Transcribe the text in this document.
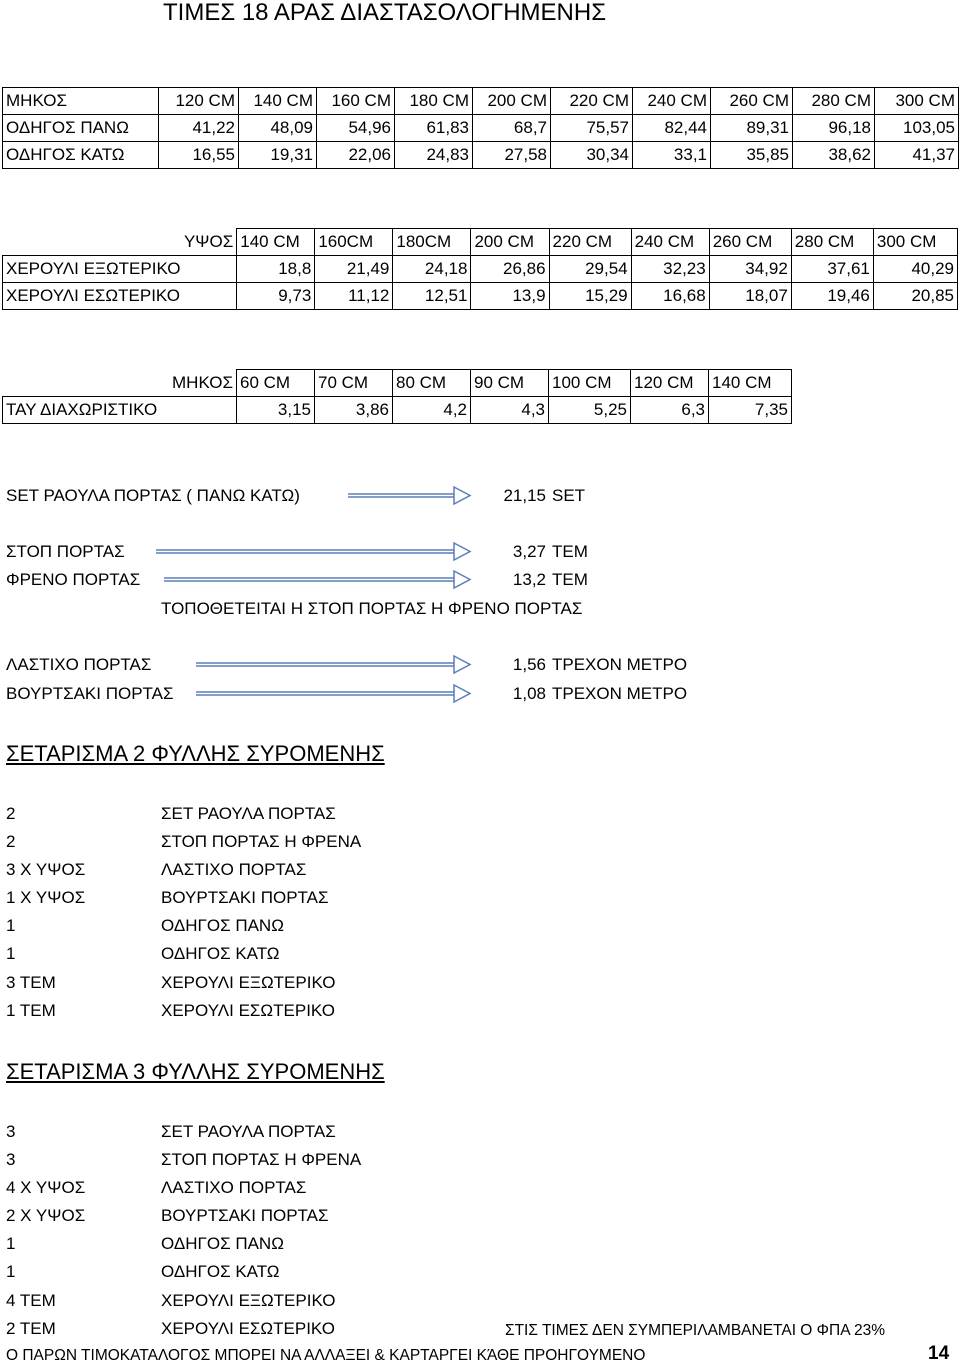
ΤΙΜΕΣ 18 ΑΡΑΣ ΔΙΑΣΤΑΣΟΛΟΓΗΜΕΝΗΣ
ΜΗΚΟΣ	120 CM	140 CM	160 CM	180 CM	200 CM	220 CM	240 CM	260 CM	280 CM	300 CM
ΟΔΗΓΟΣ ΠΑΝΩ	41,22	48,09	54,96	61,83	68,7	75,57	82,44	89,31	96,18	103,05
ΟΔΗΓΟΣ ΚΑΤΩ	16,55	19,31	22,06	24,83	27,58	30,34	33,1	35,85	38,62	41,37
ΥΨΟΣ	140 CM	160CM	180CM	200 CM	220 CM	240 CM	260 CM	280 CM	300 CM
ΧΕΡΟΥΛΙ ΕΞΩΤΕΡΙΚΟ	18,8	21,49	24,18	26,86	29,54	32,23	34,92	37,61	40,29
ΧΕΡΟΥΛΙ ΕΣΩΤΕΡΙΚΟ	9,73	11,12	12,51	13,9	15,29	16,68	18,07	19,46	20,85
ΜΗΚΟΣ	60 CM	70 CM	80 CM	90 CM	100 CM	120 CM	140 CM
ΤΑΥ ΔΙΑΧΩΡΙΣΤΙΚΟ	3,15	3,86	4,2	4,3	5,25	6,3	7,35
SET ΡΑΟΥΛΑ ΠΟΡΤΑΣ ( ΠΑΝΩ ΚΑΤΩ)	21,15 SET
ΣΤΟΠ ΠΟΡΤΑΣ	3,27 ΤΕΜ
ΦΡΕΝΟ ΠΟΡΤΑΣ	13,2 ΤΕΜ
ΤΟΠΟΘΕΤΕΙΤΑΙ Η ΣΤΟΠ ΠΟΡΤΑΣ Η ΦΡΕΝΟ ΠΟΡΤΑΣ
ΛΑΣΤΙΧΟ ΠΟΡΤΑΣ	1,56 ΤΡΕΧΟΝ ΜΕΤΡΟ
ΒΟΥΡΤΣΑΚΙ ΠΟΡΤΑΣ	1,08 ΤΡΕΧΟΝ ΜΕΤΡΟ
ΣΕΤΑΡΙΣΜΑ 2 ΦΥΛΛΗΣ ΣΥΡΟΜΕΝΗΣ
2	ΣΕΤ ΡΑΟΥΛΑ ΠΟΡΤΑΣ
2	ΣΤΟΠ ΠΟΡΤΑΣ Η ΦΡΕΝΑ
3 Χ ΥΨΟΣ	ΛΑΣΤΙΧΟ ΠΟΡΤΑΣ
1 Χ ΥΨΟΣ	ΒΟΥΡΤΣΑΚΙ ΠΟΡΤΑΣ
1	ΟΔΗΓΟΣ ΠΑΝΩ
1	ΟΔΗΓΟΣ ΚΑΤΩ
3 ΤΕΜ	ΧΕΡΟΥΛΙ ΕΞΩΤΕΡΙΚΟ
1 ΤΕΜ	ΧΕΡΟΥΛΙ ΕΣΩΤΕΡΙΚΟ
ΣΕΤΑΡΙΣΜΑ 3 ΦΥΛΛΗΣ ΣΥΡΟΜΕΝΗΣ
3	ΣΕΤ ΡΑΟΥΛΑ ΠΟΡΤΑΣ
3	ΣΤΟΠ ΠΟΡΤΑΣ Η ΦΡΕΝΑ
4 Χ ΥΨΟΣ	ΛΑΣΤΙΧΟ ΠΟΡΤΑΣ
2 Χ ΥΨΟΣ	ΒΟΥΡΤΣΑΚΙ ΠΟΡΤΑΣ
1	ΟΔΗΓΟΣ ΠΑΝΩ
1	ΟΔΗΓΟΣ ΚΑΤΩ
4 ΤΕΜ	ΧΕΡΟΥΛΙ ΕΞΩΤΕΡΙΚΟ
2 ΤΕΜ	ΧΕΡΟΥΛΙ ΕΣΩΤΕΡΙΚΟ	ΣΤΙΣ ΤΙΜΕΣ ΔΕΝ ΣΥΜΠΕΡΙΛΑΜΒΑΝΕΤΑΙ Ο ΦΠΑ 23%
Ο ΠΑΡΩΝ ΤΙΜΟΚΑΤΑΛΟΓΟΣ ΜΠΟΡΕΙ ΝΑ ΑΛΛΑΞΕΙ & ΚΑΡΤΑΡΓΕΙ ΚΆΘΕ ΠΡΟΗΓΟΥΜΕΝΟ	14
